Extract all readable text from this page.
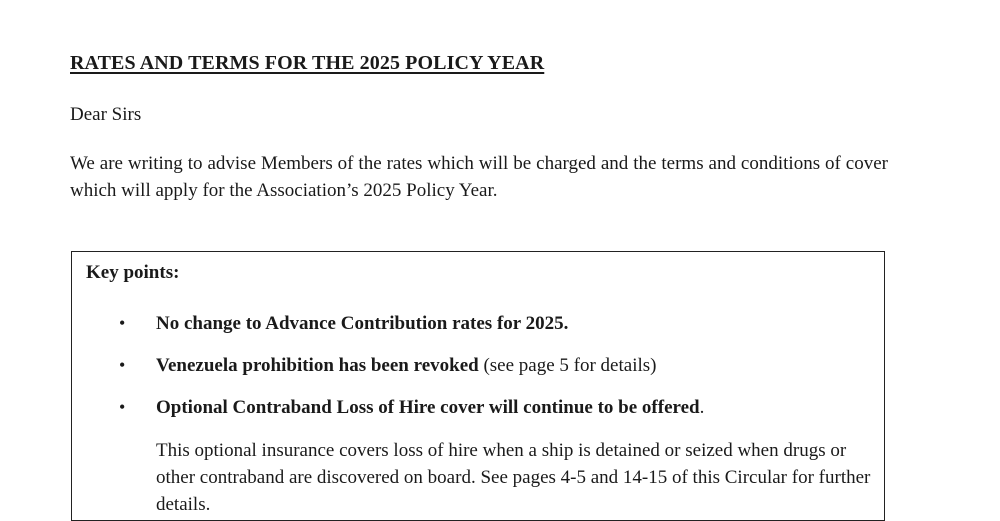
RATES AND TERMS FOR THE 2025 POLICY YEAR
Dear Sirs
We are writing to advise Members of the rates which will be charged and the terms and conditions of cover which will apply for the Association’s 2025 Policy Year.
Key points:
• No change to Advance Contribution rates for 2025.
• Venezuela prohibition has been revoked (see page 5 for details)
• Optional Contraband Loss of Hire cover will continue to be offered.
This optional insurance covers loss of hire when a ship is detained or seized when drugs or other contraband are discovered on board. See pages 4-5 and 14-15 of this Circular for further details.
